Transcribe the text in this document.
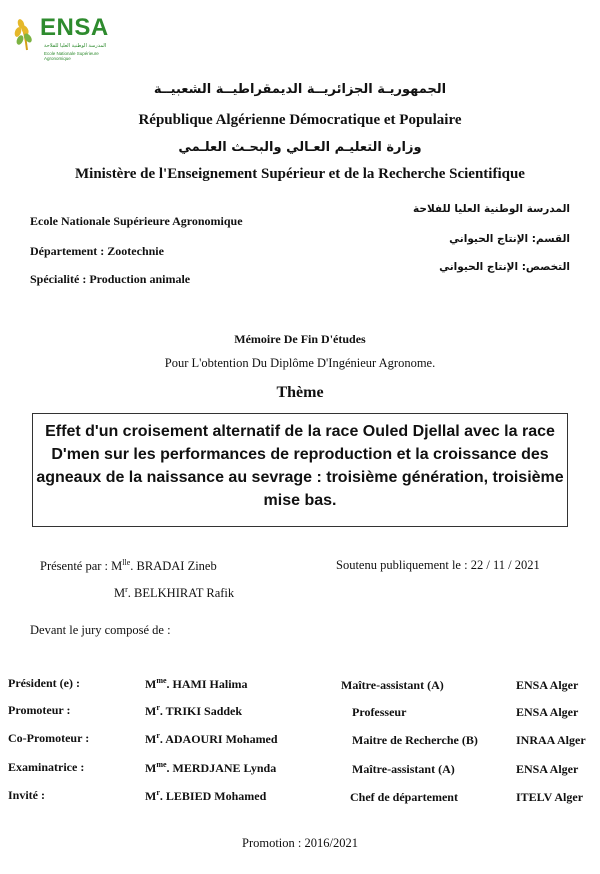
ENSA
المدرسة الوطنية العليا للفلاحة
Ecole Nationale Supérieure Agronomique
الجمهوريـة الجزائريــة الديمقراطيــة الشعبيــة
République Algérienne Démocratique et Populaire
وزارة التعليـم العـالي والبحـث العلـمي
Ministère de l'Enseignement Supérieur et de la Recherche Scientifique
Ecole Nationale Supérieure Agronomique
Département : Zootechnie
Spécialité : Production animale
المدرسة الوطنية العليا للفلاحة
القسم: الإنتاج الحيواني
التخصص: الإنتاج الحيواني
Mémoire De Fin D'études
Pour L'obtention Du Diplôme D'Ingénieur Agronome.
Thème
Effet d'un croisement alternatif de la race Ouled Djellal avec la race D'men sur les performances de reproduction et la croissance des agneaux de la naissance au sevrage : troisième génération, troisième mise bas.
Présenté par : $M^{lle}$. BRADAI Zineb
$M^r$. BELKHIRAT Rafik
Soutenu publiquement le : 22 / 11 / 2021
Devant le jury composé de :
Président (e) :	$M^{me}$. HAMI Halima	Maître-assistant (A)	ENSA Alger
Promoteur :	$M^r$. TRIKI Saddek	Professeur	ENSA Alger
Co-Promoteur :	$M^r$. ADAOURI Mohamed	Maitre de Recherche (B)	INRAA Alger
Examinatrice :	$M^{me}$. MERDJANE Lynda	Maître-assistant (A)	ENSA Alger
Invité :	$M^r$. LEBIED Mohamed	Chef de département	ITELV Alger
Promotion : 2016/2021
